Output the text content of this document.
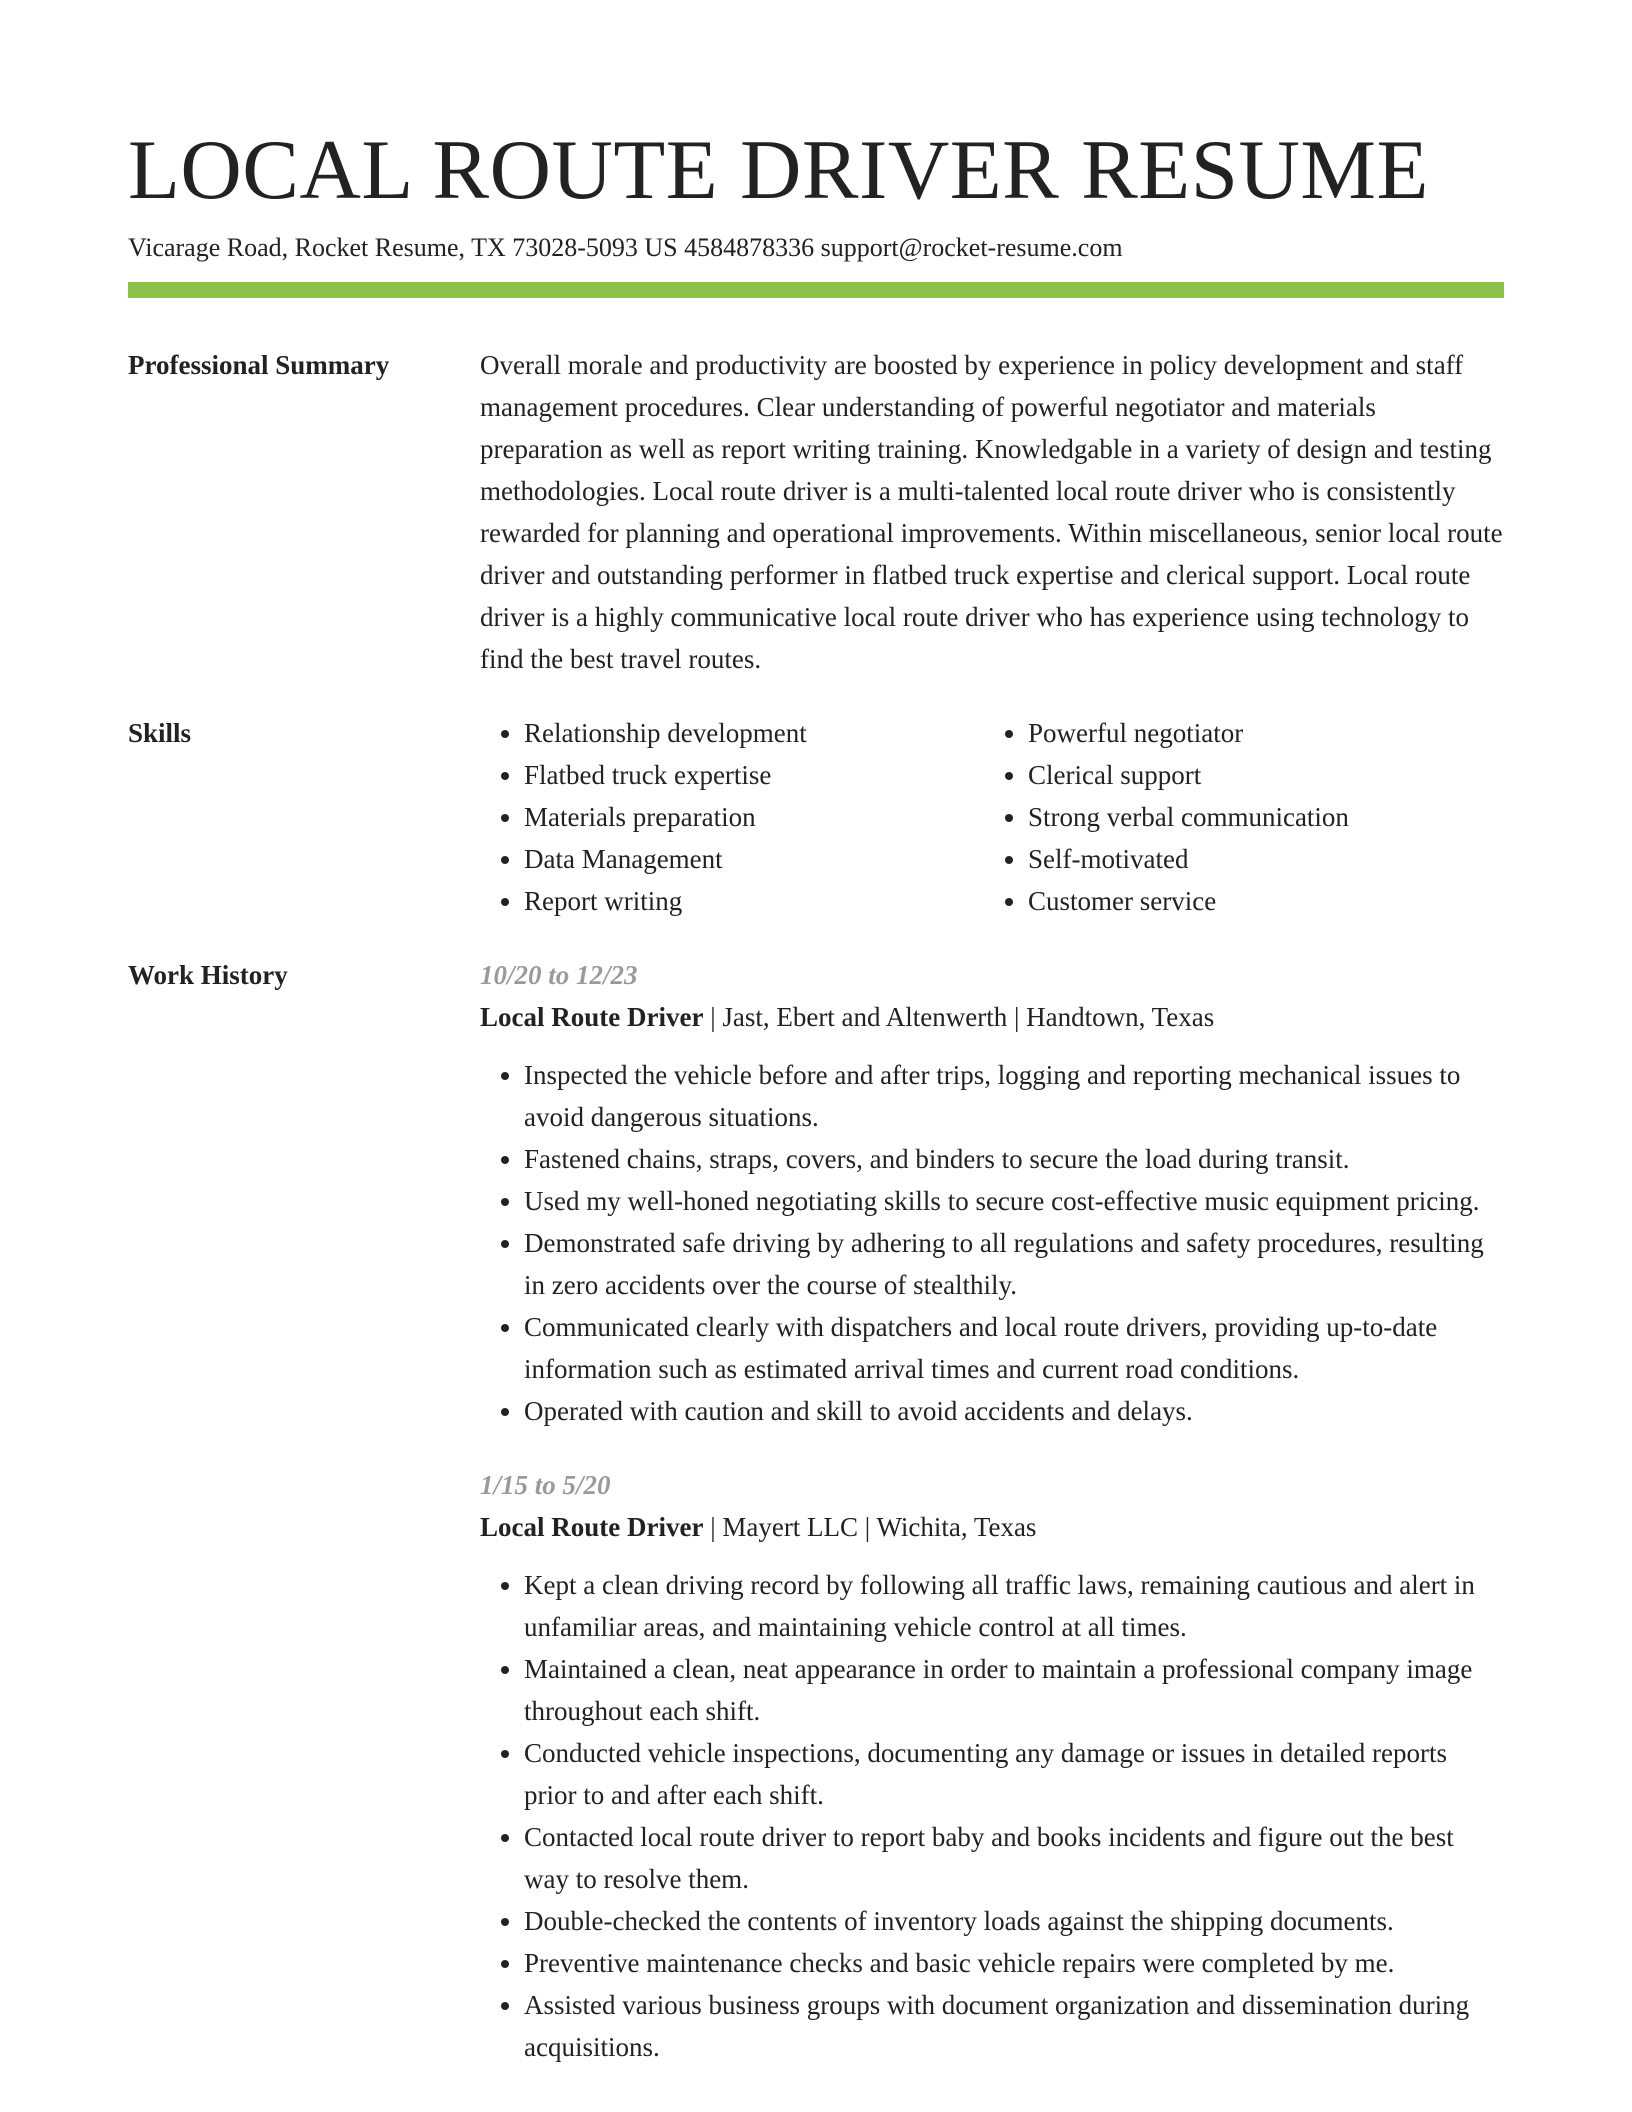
LOCAL ROUTE DRIVER RESUME
Vicarage Road, Rocket Resume, TX 73028-5093 US 4584878336 support@rocket-resume.com
Professional Summary	Overall morale and productivity are boosted by experience in policy development and staff management procedures. Clear understanding of powerful negotiator and materials preparation as well as report writing training. Knowledgable in a variety of design and testing methodologies. Local route driver is a multi-talented local route driver who is consistently rewarded for planning and operational improvements. Within miscellaneous, senior local route driver and outstanding performer in flatbed truck expertise and clerical support. Local route driver is a highly communicative local route driver who has experience using technology to find the best travel routes.
Skills
•	Relationship development
• Flatbed truck expertise
• Materials preparation
• Data Management
• Report writing
• Powerful negotiator
• Clerical support
• Strong verbal communication
• Self-motivated
• Customer service
Work History	10/20 to 12/23
Local Route Driver | Jast, Ebert and Altenwerth | Handtown, Texas
• Inspected the vehicle before and after trips, logging and reporting mechanical issues to avoid dangerous situations.
• Fastened chains, straps, covers, and binders to secure the load during transit.
• Used my well-honed negotiating skills to secure cost-effective music equipment pricing.
• Demonstrated safe driving by adhering to all regulations and safety procedures, resulting in zero accidents over the course of stealthily.
• Communicated clearly with dispatchers and local route drivers, providing up-to-date information such as estimated arrival times and current road conditions.
• Operated with caution and skill to avoid accidents and delays.
1/15 to 5/20
Local Route Driver | Mayert LLC | Wichita, Texas
• Kept a clean driving record by following all traffic laws, remaining cautious and alert in unfamiliar areas, and maintaining vehicle control at all times.
• Maintained a clean, neat appearance in order to maintain a professional company image throughout each shift.
• Conducted vehicle inspections, documenting any damage or issues in detailed reports prior to and after each shift.
• Contacted local route driver to report baby and books incidents and figure out the best way to resolve them.
• Double-checked the contents of inventory loads against the shipping documents.
• Preventive maintenance checks and basic vehicle repairs were completed by me.
• Assisted various business groups with document organization and dissemination during acquisitions.
